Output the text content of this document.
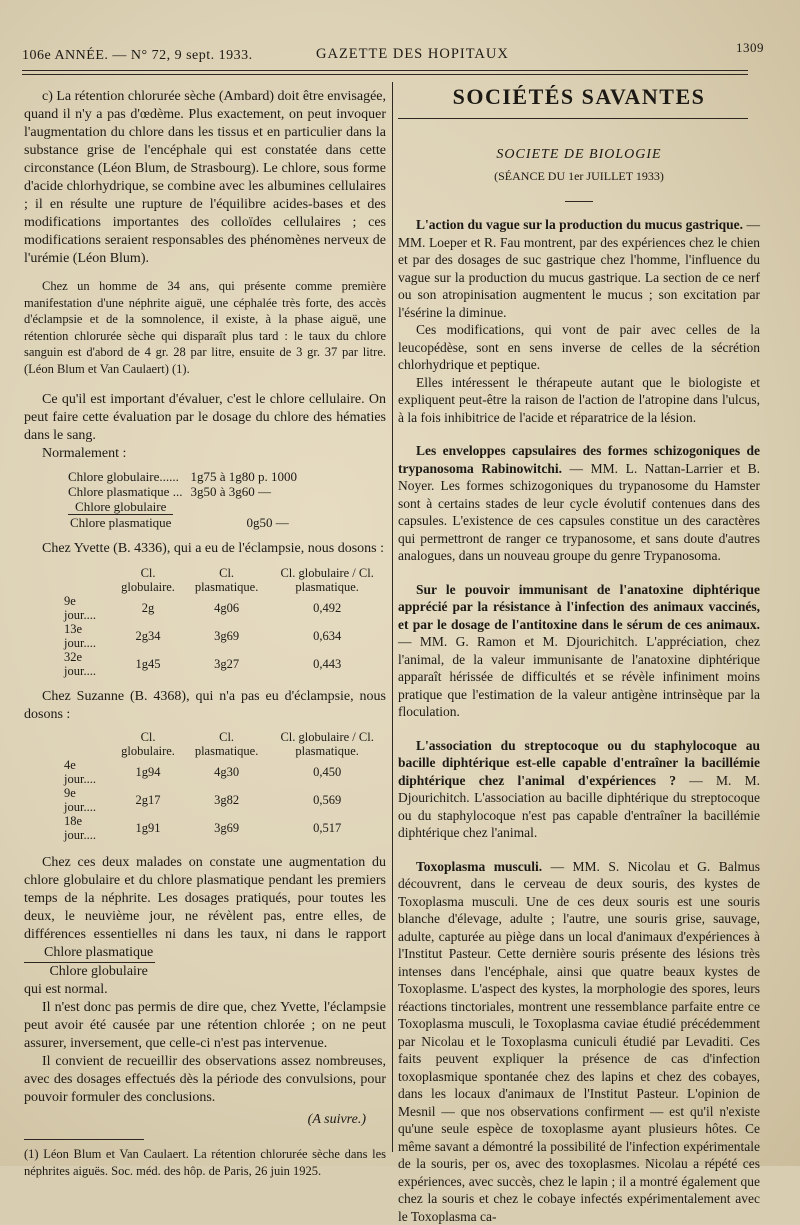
106e ANNÉE. — N° 72, 9 sept. 1933.	GAZETTE DES HOPITAUX	1309

c) La rétention chlorurée sèche (Ambard) doit être envisagée, quand il n'y a pas d'œdème. Plus exactement, on peut invoquer l'augmentation du chlore dans les tissus et en particulier dans la substance grise de l'encéphale qui est constatée dans cette circonstance (Léon Blum, de Strasbourg). Le chlore, sous forme d'acide chlorhydrique, se combine avec les albumines cellulaires ; il en résulte une rupture de l'équilibre acides-bases et des modifications importantes des colloïdes cellulaires ; ces modifications seraient responsables des phénomènes nerveux de l'urémie (Léon Blum).

Chez un homme de 34 ans, qui présente comme première manifestation d'une néphrite aiguë, une céphalée très forte, des accès d'éclampsie et de la somnolence, il existe, à la phase aiguë, une rétention chlorurée sèche qui disparaît plus tard : le taux du chlore sanguin est d'abord de 4 gr. 28 par litre, ensuite de 3 gr. 37 par litre. (Léon Blum et Van Caulaert) (1).

Ce qu'il est important d'évaluer, c'est le chlore cellulaire. On peut faire cette évaluation par le dosage du chlore des hématies dans le sang.

Normalement :

Chlore globulaire......	1g75 à 1g80 p. 1000
Chlore plasmatique ...	3g50 à 3g60 —

$\frac{\text{Chlore globulaire}}{\text{Chlore plasmatique}}$	0g50 —

Chez Yvette (B. 4336), qui a eu de l'éclampsie, nous dosons :

	Cl. globulaire.	Cl. plasmatique.	Cl. globulaire / Cl. plasmatique.
9e jour....	2g	4g06	0,492
13e jour....	2g34	3g69	0,634
32e jour....	1g45	3g27	0,443

Chez Suzanne (B. 4368), qui n'a pas eu d'éclampsie, nous dosons :

	Cl. globulaire.	Cl. plasmatique.	Cl. globulaire / Cl. plasmatique.
4e jour....	1g94	4g30	0,450
9e jour....	2g17	3g82	0,569
18e jour....	1g91	3g69	0,517

Chez ces deux malades on constate une augmentation du chlore globulaire et du chlore plasmatique pendant les premiers temps de la néphrite. Les dosages pratiqués, pour toutes les deux, le neuvième jour, ne révèlent pas, entre elles, de différences essentielles ni dans les taux, ni dans le rapport
$\frac{\text{Chlore plasmatique}}{\text{Chlore globulaire}}$

qui est normal.

Il n'est donc pas permis de dire que, chez Yvette, l'éclampsie peut avoir été causée par une rétention chlorée ; on ne peut assurer, inversement, que celle-ci n'est pas intervenue.

Il convient de recueillir des observations assez nombreuses, avec des dosages effectués dès la période des convulsions, pour pouvoir formuler des conclusions.

(A suivre.)

(1) Léon Blum et Van Caulaert. La rétention chlorurée sèche dans les néphrites aiguës. Soc. méd. des hôp. de Paris, 26 juin 1925.

SOCIÉTÉS SAVANTES
SOCIETE DE BIOLOGIE
(SÉANCE DU 1er JUILLET 1933)

L'action du vague sur la production du mucus gastrique. — MM. Loeper et R. Fau montrent, par des expériences chez le chien et par des dosages de suc gastrique chez l'homme, l'influence du vague sur la production du mucus gastrique. La section de ce nerf ou son atropinisation augmentent le mucus ; son excitation par l'ésérine la diminue.

Ces modifications, qui vont de pair avec celles de la leucopédèse, sont en sens inverse de celles de la sécrétion chlorhydrique et peptique.

Elles intéressent le thérapeute autant que le biologiste et expliquent peut-être la raison de l'action de l'atropine dans l'ulcus, à la fois inhibitrice de l'acide et réparatrice de la lésion.

Les enveloppes capsulaires des formes schizogoniques de trypanosoma Rabinowitchi. — MM. L. Nattan-Larrier et B. Noyer. Les formes schizogoniques du trypanosome du Hamster sont à certains stades de leur cycle évolutif contenues dans des capsules. L'existence de ces capsules constitue un des caractères qui permettront de ranger ce trypanosome, et sans doute d'autres analogues, dans un nouveau groupe du genre Trypanosoma.

Sur le pouvoir immunisant de l'anatoxine diphtérique apprécié par la résistance à l'infection des animaux vaccinés, et par le dosage de l'antitoxine dans le sérum de ces animaux. — MM. G. Ramon et M. Djourichitch. L'appréciation, chez l'animal, de la valeur immunisante de l'anatoxine diphtérique apparaît hérissée de difficultés et se révèle infiniment moins pratique que l'estimation de la valeur antigène intrinsèque par la floculation.

L'association du streptocoque ou du staphylocoque au bacille diphtérique est-elle capable d'entraîner la bacillémie diphtérique chez l'animal d'expériences ? — M. M. Djourichitch. L'association au bacille diphtérique du streptocoque ou du staphylocoque n'est pas capable d'entraîner la bacillémie diphtérique chez l'animal.

Toxoplasma musculi. — MM. S. Nicolau et G. Balmus découvrent, dans le cerveau de deux souris, des kystes de Toxoplasma musculi. Une de ces deux souris est une souris blanche d'élevage, adulte ; l'autre, une souris grise, sauvage, adulte, capturée au piège dans un local d'animaux d'expériences à l'Institut Pasteur. Cette dernière souris présente des lésions très intenses dans l'encéphale, ainsi que quatre beaux kystes de Toxoplasme. L'aspect des kystes, la morphologie des spores, leurs réactions tinctoriales, montrent une ressemblance parfaite entre ce Toxoplasma musculi, le Toxoplasma caviae étudié précédemment par Nicolau et le Toxoplasma cuniculi étudié par Levaditi. Ces faits peuvent expliquer la présence de cas d'infection toxoplasmique spontanée chez des lapins et chez des cobayes, dans les locaux d'animaux de l'Institut Pasteur. L'opinion de Mesnil — que nos observations confirment — est qu'il n'existe qu'une seule espèce de toxoplasme ayant plusieurs hôtes. Ce même savant a démontré la possibilité de l'infection expérimentale de la souris, per os, avec des toxoplasmes. Nicolau a répété ces expériences, avec succès, chez le lapin ; il a montré également que chez la souris et chez le cobaye infectés expérimentalement avec le Toxoplasma ca-
